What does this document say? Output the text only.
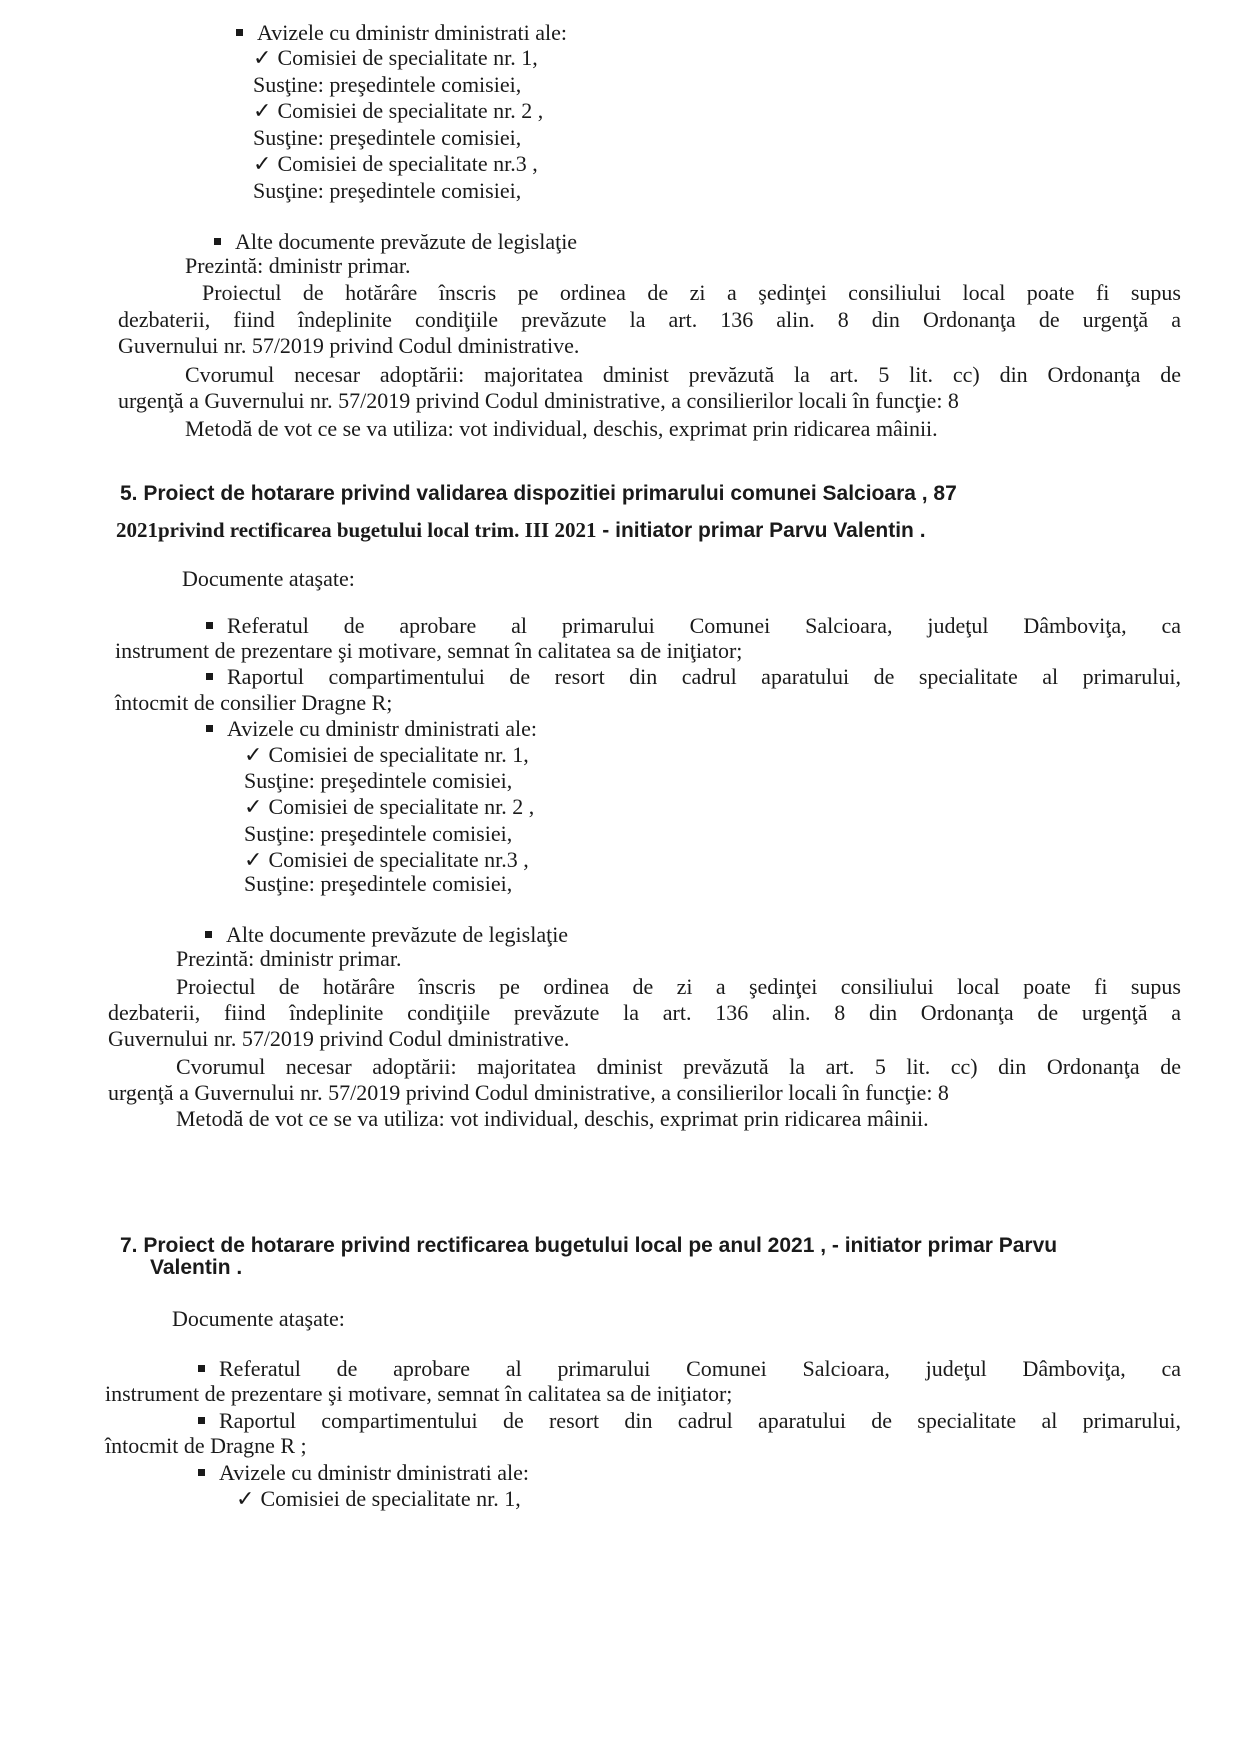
Avizele cu dministr dministrati ale:
✓ Comisiei de specialitate nr. 1,
Susţine: preşedintele comisiei,
✓ Comisiei de specialitate nr. 2 ,
Susţine: preşedintele comisiei,
✓ Comisiei de specialitate nr.3 ,
Susţine: preşedintele comisiei,
Alte documente prevăzute de legislaţie
Prezintă: dministr primar.
Proiectul de hotărâre înscris pe ordinea de zi a şedinţei consiliului local poate fi supus
dezbaterii, fiind îndeplinite condiţiile prevăzute la art. 136 alin. 8 din Ordonanţa de urgenţă a
Guvernului nr. 57/2019 privind Codul dministrative.
Cvorumul necesar adoptării: majoritatea dminist prevăzută la art. 5 lit. cc) din Ordonanţa de
urgenţă a Guvernului nr. 57/2019 privind Codul dministrative, a consilierilor locali în funcţie: 8
Metodă de vot ce se va utiliza: vot individual, deschis, exprimat prin ridicarea mâinii.
5. Proiect de hotarare privind validarea dispozitiei primarului comunei Salcioara , 87
2021privind rectificarea bugetului local trim. III 2021 - initiator primar Parvu Valentin .
Documente ataşate:
Referatul de aprobare al primarului Comunei Salcioara, judeţul Dâmboviţa, ca
instrument de prezentare şi motivare, semnat în calitatea sa de iniţiator;
Raportul compartimentului de resort din cadrul aparatului de specialitate al primarului,
întocmit de consilier Dragne R;
Avizele cu dministr dministrati ale:
✓ Comisiei de specialitate nr. 1,
Susţine: preşedintele comisiei,
✓ Comisiei de specialitate nr. 2 ,
Susţine: preşedintele comisiei,
✓ Comisiei de specialitate nr.3 ,
Susţine: preşedintele comisiei,
Alte documente prevăzute de legislaţie
Prezintă: dministr primar.
Proiectul de hotărâre înscris pe ordinea de zi a şedinţei consiliului local poate fi supus
dezbaterii, fiind îndeplinite condiţiile prevăzute la art. 136 alin. 8 din Ordonanţa de urgenţă a
Guvernului nr. 57/2019 privind Codul dministrative.
Cvorumul necesar adoptării: majoritatea dminist prevăzută la art. 5 lit. cc) din Ordonanţa de
urgenţă a Guvernului nr. 57/2019 privind Codul dministrative, a consilierilor locali în funcţie: 8
Metodă de vot ce se va utiliza: vot individual, deschis, exprimat prin ridicarea mâinii.
7. Proiect de hotarare privind rectificarea bugetului local pe anul 2021 , - initiator primar Parvu
Valentin .
Documente ataşate:
Referatul de aprobare al primarului Comunei Salcioara, judeţul Dâmboviţa, ca
instrument de prezentare şi motivare, semnat în calitatea sa de iniţiator;
Raportul compartimentului de resort din cadrul aparatului de specialitate al primarului,
întocmit de Dragne R ;
Avizele cu dministr dministrati ale:
✓ Comisiei de specialitate nr. 1,
